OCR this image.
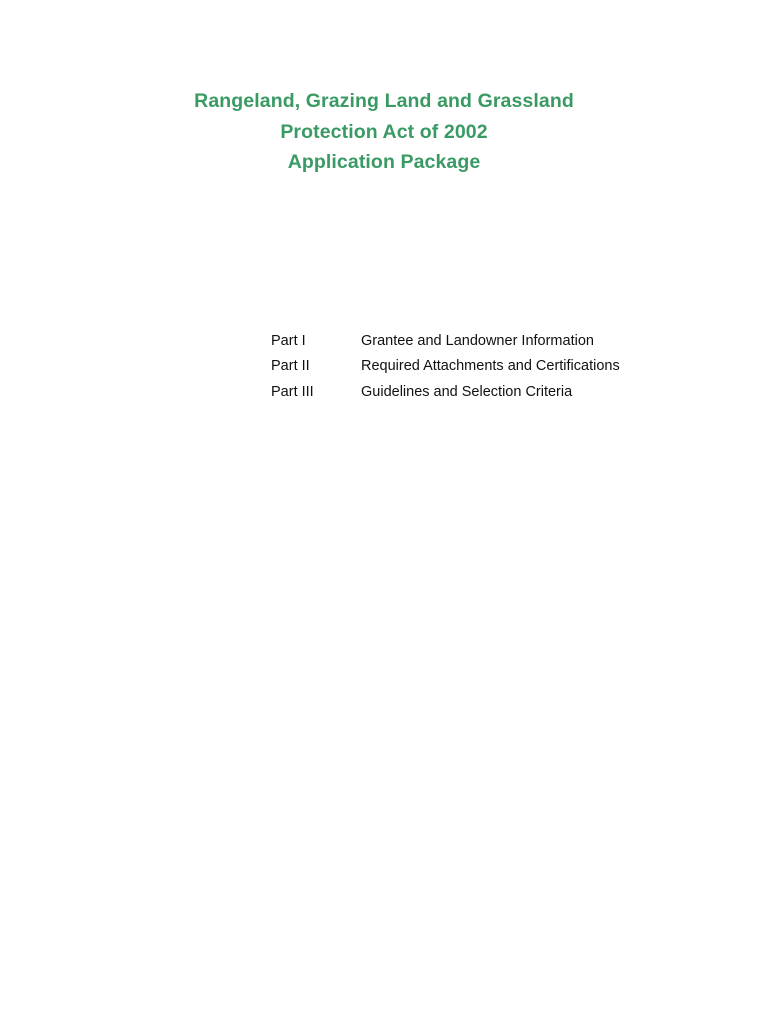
Rangeland, Grazing Land and Grassland
Protection Act of 2002
Application Package
Part I	Grantee and Landowner Information
Part II	Required Attachments and Certifications
Part III	Guidelines and Selection Criteria
